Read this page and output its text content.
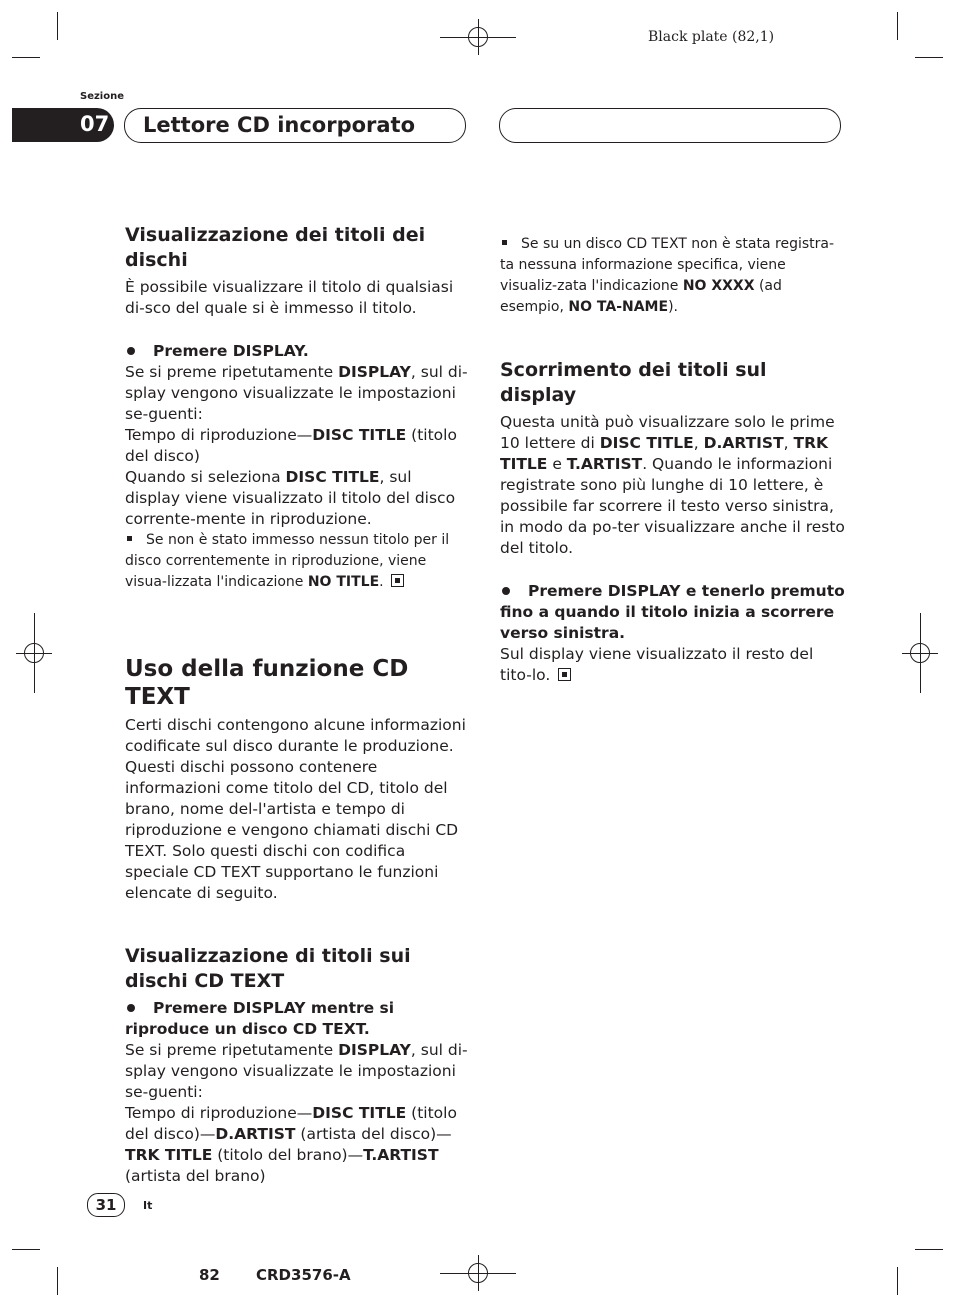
Black plate (82,1)
Sezione
07 Lettore CD incorporato

Visualizzazione dei titoli dei dischi

È possibile visualizzare il titolo di qualsiasi di-sco del quale si è immesso il titolo.

Premere DISPLAY.

Se si preme ripetutamente DISPLAY, sul di-splay vengono visualizzate le impostazioni se-guenti:
Tempo di riproduzione—DISC TITLE (titolo del disco)
Quando si seleziona DISC TITLE, sul display viene visualizzato il titolo del disco corrente-mente in riproduzione.

Se non è stato immesso nessun titolo per il disco correntemente in riproduzione, viene visua-lizzata l'indicazione NO TITLE.

Uso della funzione CD TEXT

Certi dischi contengono alcune informazioni codificate sul disco durante le produzione. Questi dischi possono contenere informazioni come titolo del CD, titolo del brano, nome del-l'artista e tempo di riproduzione e vengono chiamati dischi CD TEXT. Solo questi dischi con codifica speciale CD TEXT supportano le funzioni elencate di seguito.

Visualizzazione di titoli sui dischi CD TEXT

Premere DISPLAY mentre si riproduce un disco CD TEXT.

Se si preme ripetutamente DISPLAY, sul di-splay vengono visualizzate le impostazioni se-guenti:
Tempo di riproduzione—DISC TITLE (titolo del disco)—D.ARTIST (artista del disco)—TRK TITLE (titolo del brano)—T.ARTIST (artista del brano)

Se su un disco CD TEXT non è stata registra-ta nessuna informazione specifica, viene visualiz-zata l'indicazione NO XXXX (ad esempio, NO TA-NAME).

Scorrimento dei titoli sul display

Questa unità può visualizzare solo le prime 10 lettere di DISC TITLE, D.ARTIST, TRK TITLE e T.ARTIST. Quando le informazioni registrate sono più lunghe di 10 lettere, è possibile far scorrere il testo verso sinistra, in modo da po-ter visualizzare anche il resto del titolo.

Premere DISPLAY e tenerlo premuto fino a quando il titolo inizia a scorrere verso sinistra.

Sul display viene visualizzato il resto del tito-lo.

31	It
82 CRD3576-A
